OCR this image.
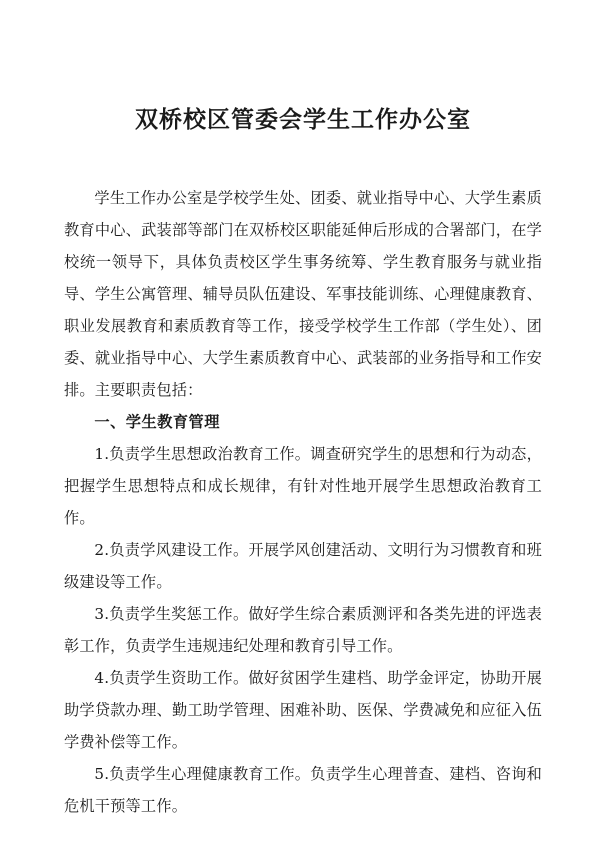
双桥校区管委会学生工作办公室

学生工作办公室是学校学生处、团委、就业指导中心、大学生素质教育中心、武装部等部门在双桥校区职能延伸后形成的合署部门，在学校统一领导下，具体负责校区学生事务统筹、学生教育服务与就业指导、学生公寓管理、辅导员队伍建设、军事技能训练、心理健康教育、职业发展教育和素质教育等工作，接受学校学生工作部（学生处）、团委、就业指导中心、大学生素质教育中心、武装部的业务指导和工作安排。主要职责包括：

一、学生教育管理

1.负责学生思想政治教育工作。调查研究学生的思想和行为动态，把握学生思想特点和成长规律，有针对性地开展学生思想政治教育工作。

2.负责学风建设工作。开展学风创建活动、文明行为习惯教育和班级建设等工作。

3.负责学生奖惩工作。做好学生综合素质测评和各类先进的评选表彰工作，负责学生违规违纪处理和教育引导工作。

4.负责学生资助工作。做好贫困学生建档、助学金评定，协助开展助学贷款办理、勤工助学管理、困难补助、医保、学费减免和应征入伍学费补偿等工作。

5.负责学生心理健康教育工作。负责学生心理普查、建档、咨询和危机干预等工作。
